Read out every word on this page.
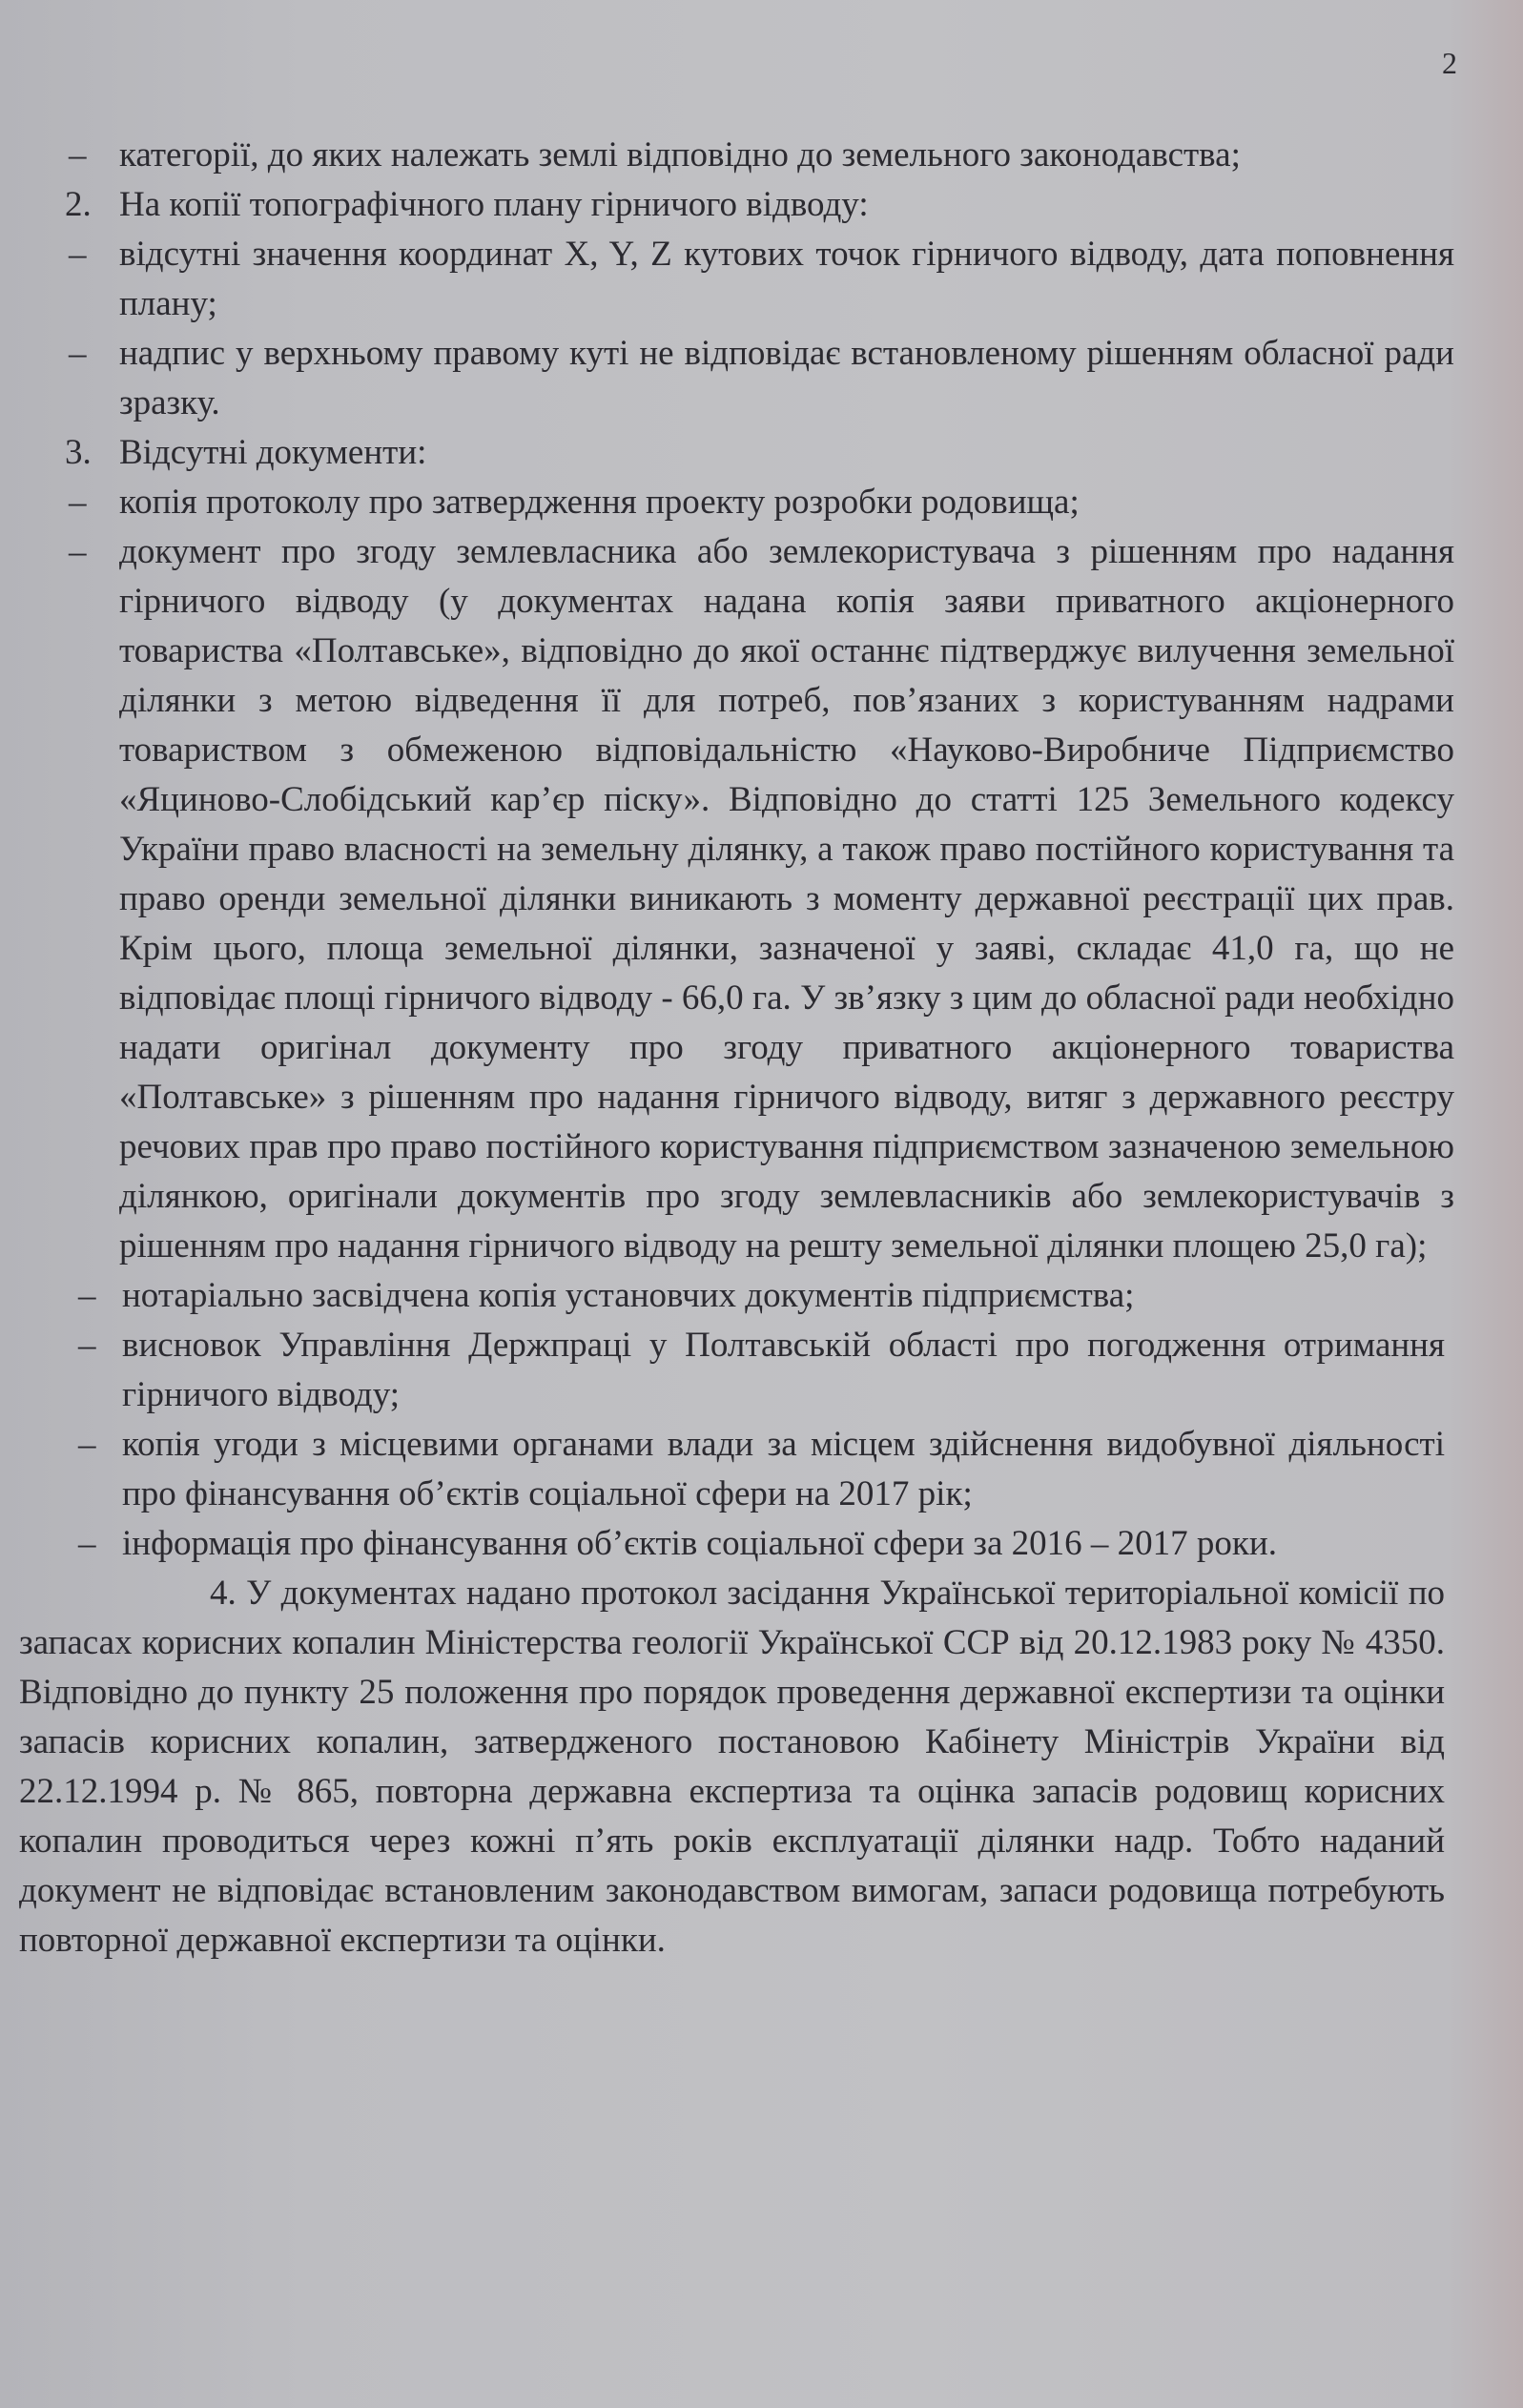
2
– категорії, до яких належать землі відповідно до земельного законодавства;
2. На копії топографічного плану гірничого відводу:
– відсутні значення координат X, Y, Z кутових точок гірничого відводу, дата поповнення плану;
– надпис у верхньому правому куті не відповідає встановленому рішенням обласної ради зразку.
3. Відсутні документи:
– копія протоколу про затвердження проекту розробки родовища;
– документ про згоду землевласника або землекористувача з рішенням про надання гірничого відводу (у документах надана копія заяви приватного акціонерного товариства «Полтавське», відповідно до якої останнє підтверджує вилучення земельної ділянки з метою відведення її для потреб, пов’язаних з користуванням надрами товариством з обмеженою відповідальністю «Науково-Виробниче Підприємство «Яциново-Слобідський кар’єр піску». Відповідно до статті 125 Земельного кодексу України право власності на земельну ділянку, а також право постійного користування та право оренди земельної ділянки виникають з моменту державної реєстрації цих прав. Крім цього, площа земельної ділянки, зазначеної у заяві, складає 41,0 га, що не відповідає площі гірничого відводу - 66,0 га. У зв’язку з цим до обласної ради необхідно надати оригінал документу про згоду приватного акціонерного товариства «Полтавське» з рішенням про надання гірничого відводу, витяг з державного реєстру речових прав про право постійного користування підприємством зазначеною земельною ділянкою, оригінали документів про згоду землевласників або землекористувачів з рішенням про надання гірничого відводу на решту земельної ділянки площею 25,0 га);
– нотаріально засвідчена копія установчих документів підприємства;
– висновок Управління Держпраці у Полтавській області про погодження отримання гірничого відводу;
– копія угоди з місцевими органами влади за місцем здійснення видобувної діяльності про фінансування об’єктів соціальної сфери на 2017 рік;
– інформація про фінансування об’єктів соціальної сфери за 2016 – 2017 роки.

4. У документах надано протокол засідання Української територіальної комісії по запасах корисних копалин Міністерства геології Української ССР від 20.12.1983 року № 4350. Відповідно до пункту 25 положення про порядок проведення державної експертизи та оцінки запасів корисних копалин, затвердженого постановою Кабінету Міністрів України від 22.12.1994 р. № 865, повторна державна експертиза та оцінка запасів родовищ корисних копалин проводиться через кожні п’ять років експлуатації ділянки надр. Тобто наданий документ не відповідає встановленим законодавством вимогам, запаси родовища потребують повторної державної експертизи та оцінки.
